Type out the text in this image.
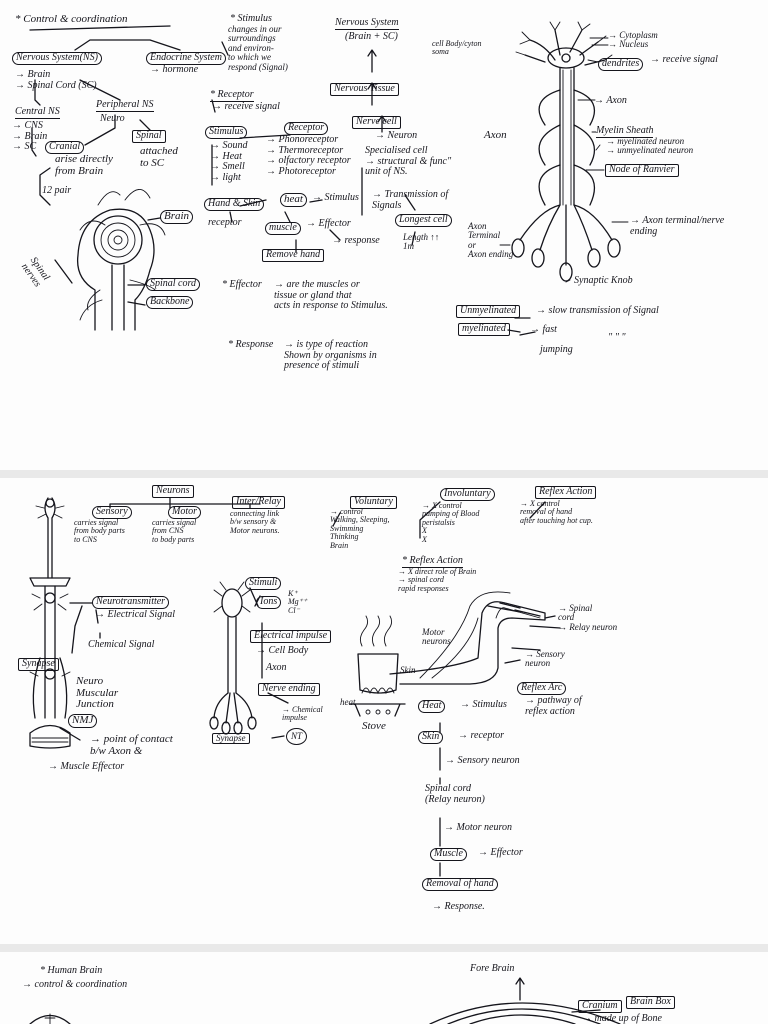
* Control & coordination
Nervous System(NS)
→ Brain
→ Spinal Cord (SC)
Endocrine System
→ hormone
Central NS
→ CNS
→ Brain
→ SC
Peripheral NS
Neuro
Cranial
arise directly
from Brain
12 pair
Spinal
attached
to SC
Brain
Spinal
nerves	Spinal cord
Backbone
* Stimulus
changes in our
surroundings
and environ-
to which we
respond (Signal)
* Receptor
→ receive signal
Stimulus
→ Sound
→ Heat
→ Smell
→ light
Receptor
→ Phonoreceptor
→ Thermoreceptor
→ olfactory receptor
→ Photoreceptor
Hand & Skin	heat → Stimulus
receptor	muscle → Effector
→ response
Remove hand
Nervous System
(Brain + SC)
Nervous Tissue
Nerve cell
→ Neuron
Specialised cell
→ structural & func"
unit of NS.
→ Transmission of
Signals
Longest cell
Length ↑↑
1m
* Effector	→ are the muscles or
tissue or gland that
acts in response to Stimulus.
* Response	→ is type of reaction
Shown by organisms in
presence of stimuli
cell Body/cyton
soma
→ Cytoplasm
→ Nucleus
dendrites	→ receive signal
→ Axon
Axon	Myelin Sheath
→ myelinated neuron
→ unmyelinated neuron
Node of Ranvier
→ Axon terminal/nerve
ending
Axon
Terminal
or
Axon ending
Synaptic Knob
Unmyelinated	→ slow transmission of Signal
myelinated	→ fast
jumping
" " "
Neurons
Sensory
carries signal
from body parts
to CNS
Motor
carries signal
from CNS
to body parts
Inter/Relay
connecting link
b/w sensory &
Motor neurons.
Voluntary
→ control
Walking, Sleeping,
Swimming
Thinking
Brain
Involuntary
→ X control
pumping of Blood
peristalsis
X
X
Reflex Action
→ X control
removal of hand
after touching hot cup.
* Reflex Action
→ X direct role of Brain
→ spinal cord
rapid responses
Neurotransmitter
→ Electrical Signal
Chemical Signal
Synapse
Neuro
Muscular
Junction
NMJ
→ point of contact
b/w Axon &
→ Muscle Effector
Stimuli
Ions
K⁺
Mg⁺⁺
Cl⁻
Electrical impulse
→ Cell Body
Axon
Nerve ending
→ Chemical
impulse
Synapse	NT
→ Spinal
cord
→ Relay neuron
Motor
neurons
→ Sensory
neuron
Skin
heat
Stove
Reflex Arc
→ pathway of
reflex action
Heat	→ Stimulus
Skin	→ receptor
→ Sensory neuron
Spinal cord
(Relay neuron)
→ Motor neuron
Muscle	→ Effector
Removal of hand
→ Response.
* Human Brain
→ control & coordination
Fore Brain
Cranium	Brain Box
→ made up of Bone
